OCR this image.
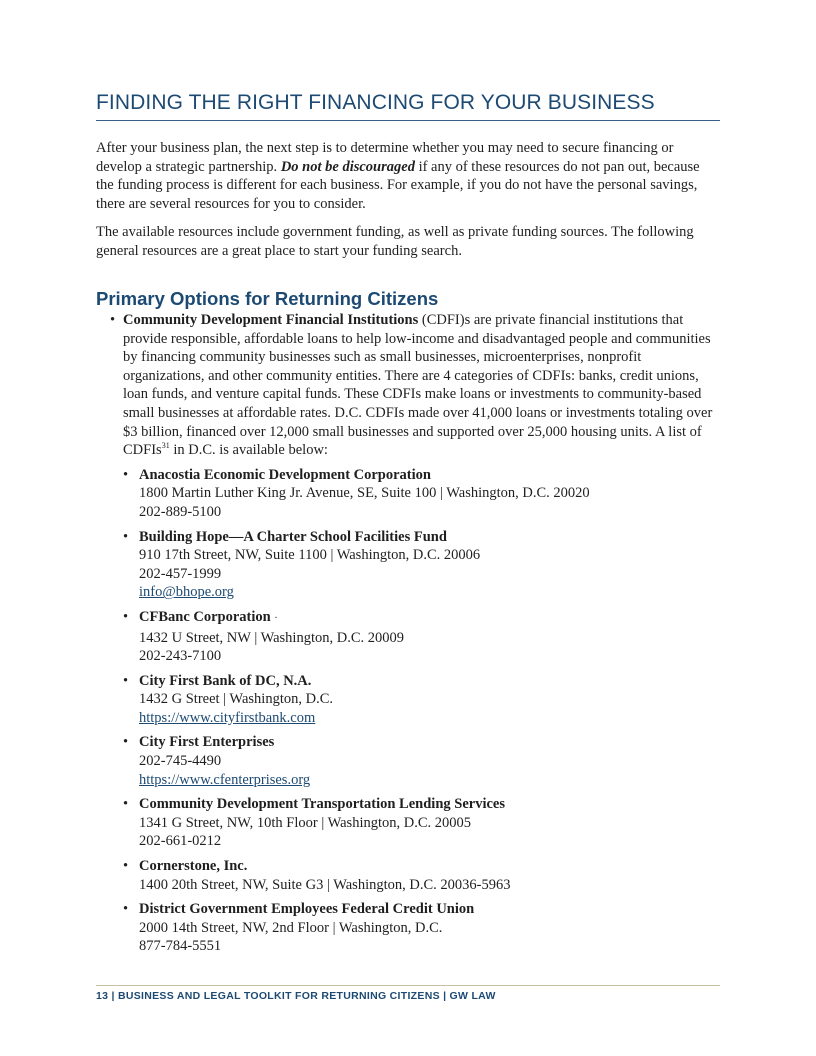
FINDING THE RIGHT FINANCING FOR YOUR BUSINESS

After your business plan, the next step is to determine whether you may need to secure financing or develop a strategic partnership. Do not be discouraged if any of these resources do not pan out, because the funding process is different for each business. For example, if you do not have the personal savings, there are several resources for you to consider.

The available resources include government funding, as well as private funding sources. The following general resources are a great place to start your funding search.

Primary Options for Returning Citizens
• Community Development Financial Institutions (CDFI)s are private financial institutions that provide responsible, affordable loans to help low-income and disadvantaged people and communities by financing community businesses such as small businesses, microenterprises, nonprofit organizations, and other community entities. There are 4 categories of CDFIs: banks, credit unions, loan funds, and venture capital funds. These CDFIs make loans or investments to community-based small businesses at affordable rates. D.C. CDFIs made over 41,000 loans or investments totaling over $3 billion, financed over 12,000 small businesses and supported over 25,000 housing units. A list of CDFIs$^{31}$ in D.C. is available below:
• Anacostia Economic Development Corporation
1800 Martin Luther King Jr. Avenue, SE, Suite 100 | Washington, D.C. 20020
202-889-5100
• Building Hope—A Charter School Facilities Fund
910 17th Street, NW, Suite 1100 | Washington, D.C. 20006
202-457-1999
info@bhope.org
• CFBanc Corporation ·
1432 U Street, NW | Washington, D.C. 20009
202-243-7100
• City First Bank of DC, N.A.
1432 G Street | Washington, D.C.
https://www.cityfirstbank.com
• City First Enterprises
202-745-4490
https://www.cfenterprises.org
• Community Development Transportation Lending Services
1341 G Street, NW, 10th Floor | Washington, D.C. 20005
202-661-0212
• Cornerstone, Inc.
1400 20th Street, NW, Suite G3 | Washington, D.C. 20036-5963
• District Government Employees Federal Credit Union
2000 14th Street, NW, 2nd Floor | Washington, D.C.
877-784-5551
13 | BUSINESS AND LEGAL TOOLKIT FOR RETURNING CITIZENS | GW LAW
